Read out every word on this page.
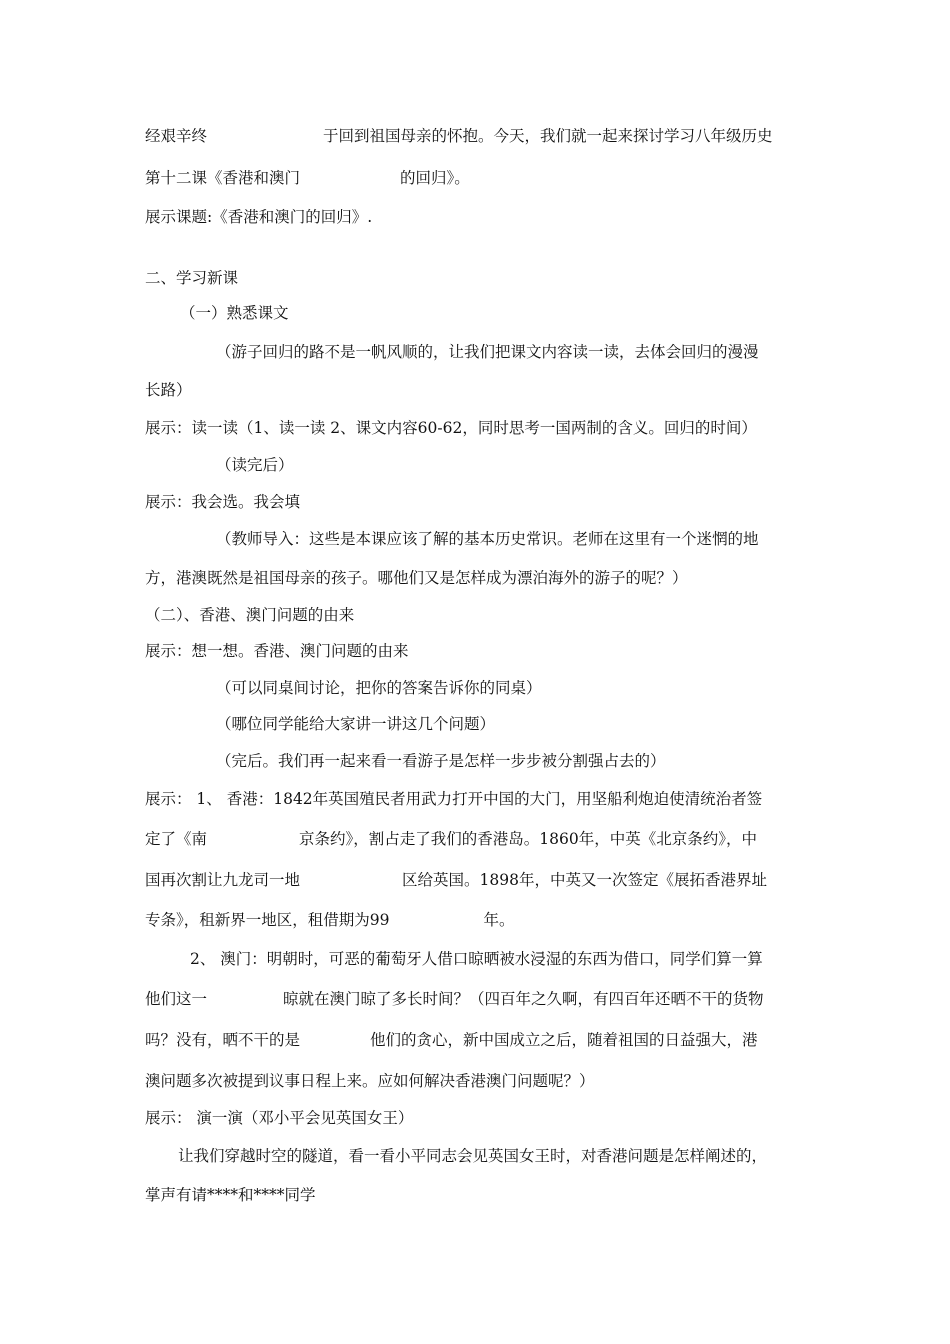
经艰辛终	于回到祖国母亲的怀抱。今天，我们就一起来探讨学习八年级历史
第十二课《香港和澳门	的回归》。
展示课题:《香港和澳门的回归》.
二、学习新课
（一）熟悉课文
（游子回归的路不是一帆风顺的，让我们把课文内容读一读，去体会回归的漫漫
长路）
展示：读一读（1、读一读 2、课文内容60-62，同时思考一国两制的含义。回归的时间）
（读完后）
展示：我会选。我会填
（教师导入：这些是本课应该了解的基本历史常识。老师在这里有一个迷惘的地
方，港澳既然是祖国母亲的孩子。哪他们又是怎样成为漂泊海外的游子的呢？）
（二）、香港、澳门问题的由来
展示：想一想。香港、澳门问题的由来
（可以同桌间讨论，把你的答案告诉你的同桌）
（哪位同学能给大家讲一讲这几个问题）
（完后。我们再一起来看一看游子是怎样一步步被分割强占去的）
展示： 1、 香港：1842年英国殖民者用武力打开中国的大门，用坚船利炮迫使清统治者签
定了《南	京条约》，割占走了我们的香港岛。1860年，中英《北京条约》，中
国再次割让九龙司一地	区给英国。1898年，中英又一次签定《展拓香港界址
专条》，租新界一地区，租借期为99	年。
2、 澳门：明朝时，可恶的葡萄牙人借口晾晒被水浸湿的东西为借口，同学们算一算
他们这一	晾就在澳门晾了多长时间？（四百年之久啊，有四百年还晒不干的货物
吗？没有，晒不干的是	他们的贪心，新中国成立之后，随着祖国的日益强大，港
澳问题多次被提到议事日程上来。应如何解决香港澳门问题呢？）
展示： 演一演（邓小平会见英国女王）
让我们穿越时空的隧道，看一看小平同志会见英国女王时，对香港问题是怎样阐述的，
掌声有请****和****同学
